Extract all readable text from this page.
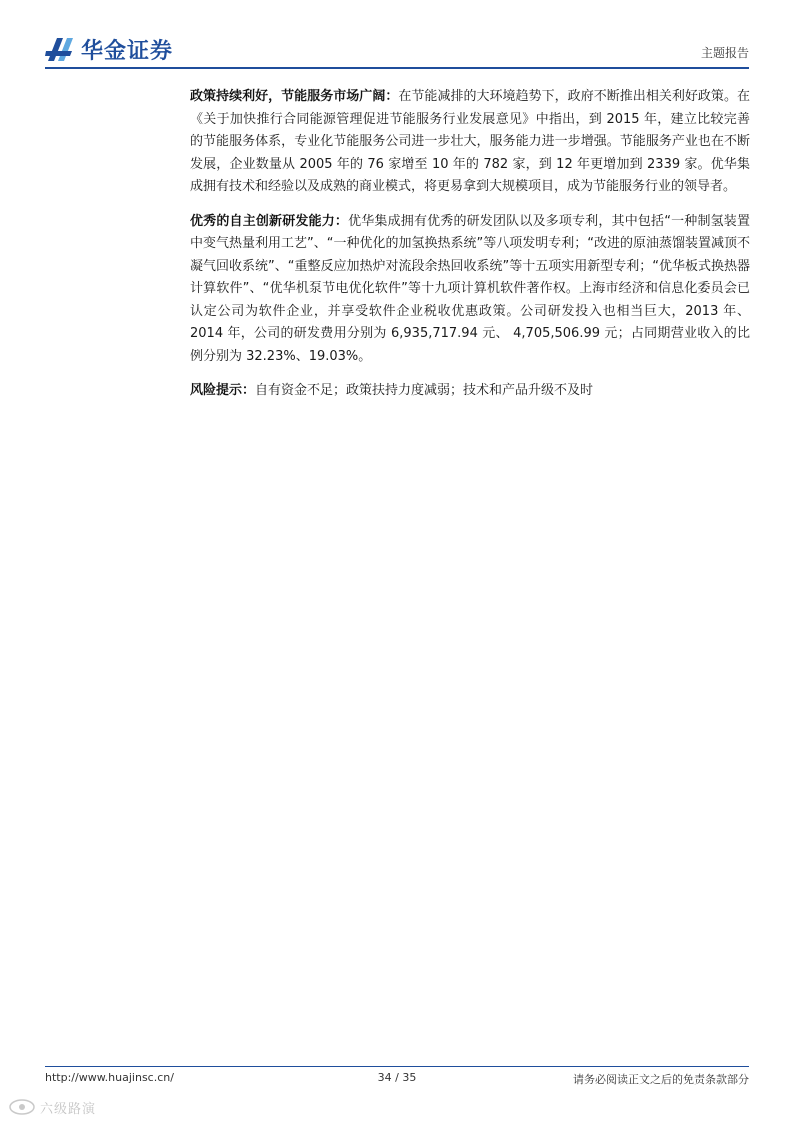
华金证券	主题报告

政策持续利好，节能服务市场广阔：在节能减排的大环境趋势下，政府不断推出相关利好政策。在《关于加快推行合同能源管理促进节能服务行业发展意见》中指出，到 2015 年，建立比较完善的节能服务体系，专业化节能服务公司进一步壮大，服务能力进一步增强。节能服务产业也在不断发展，企业数量从 2005 年的 76 家增至 10 年的 782 家，到 12 年更增加到 2339 家。优华集成拥有技术和经验以及成熟的商业模式，将更易拿到大规模项目，成为节能服务行业的领导者。

优秀的自主创新研发能力：优华集成拥有优秀的研发团队以及多项专利，其中包括“一种制氢装置中变气热量利用工艺”、“一种优化的加氢换热系统”等八项发明专利；“改进的原油蒸馏装置减顶不凝气回收系统”、“重整反应加热炉对流段余热回收系统”等十五项实用新型专利；“优华板式换热器计算软件”、“优华机泵节电优化软件”等十九项计算机软件著作权。上海市经济和信息化委员会已认定公司为软件企业，并享受软件企业税收优惠政策。公司研发投入也相当巨大，2013 年、2014 年，公司的研发费用分别为 6,935,717.94 元、 4,705,506.99 元；占同期营业收入的比例分别为 32.23%、19.03%。

风险提示：自有资金不足；政策扶持力度减弱；技术和产品升级不及时

http://www.huajinsc.cn/	34 / 35	请务必阅读正文之后的免责条款部分
六级路演
